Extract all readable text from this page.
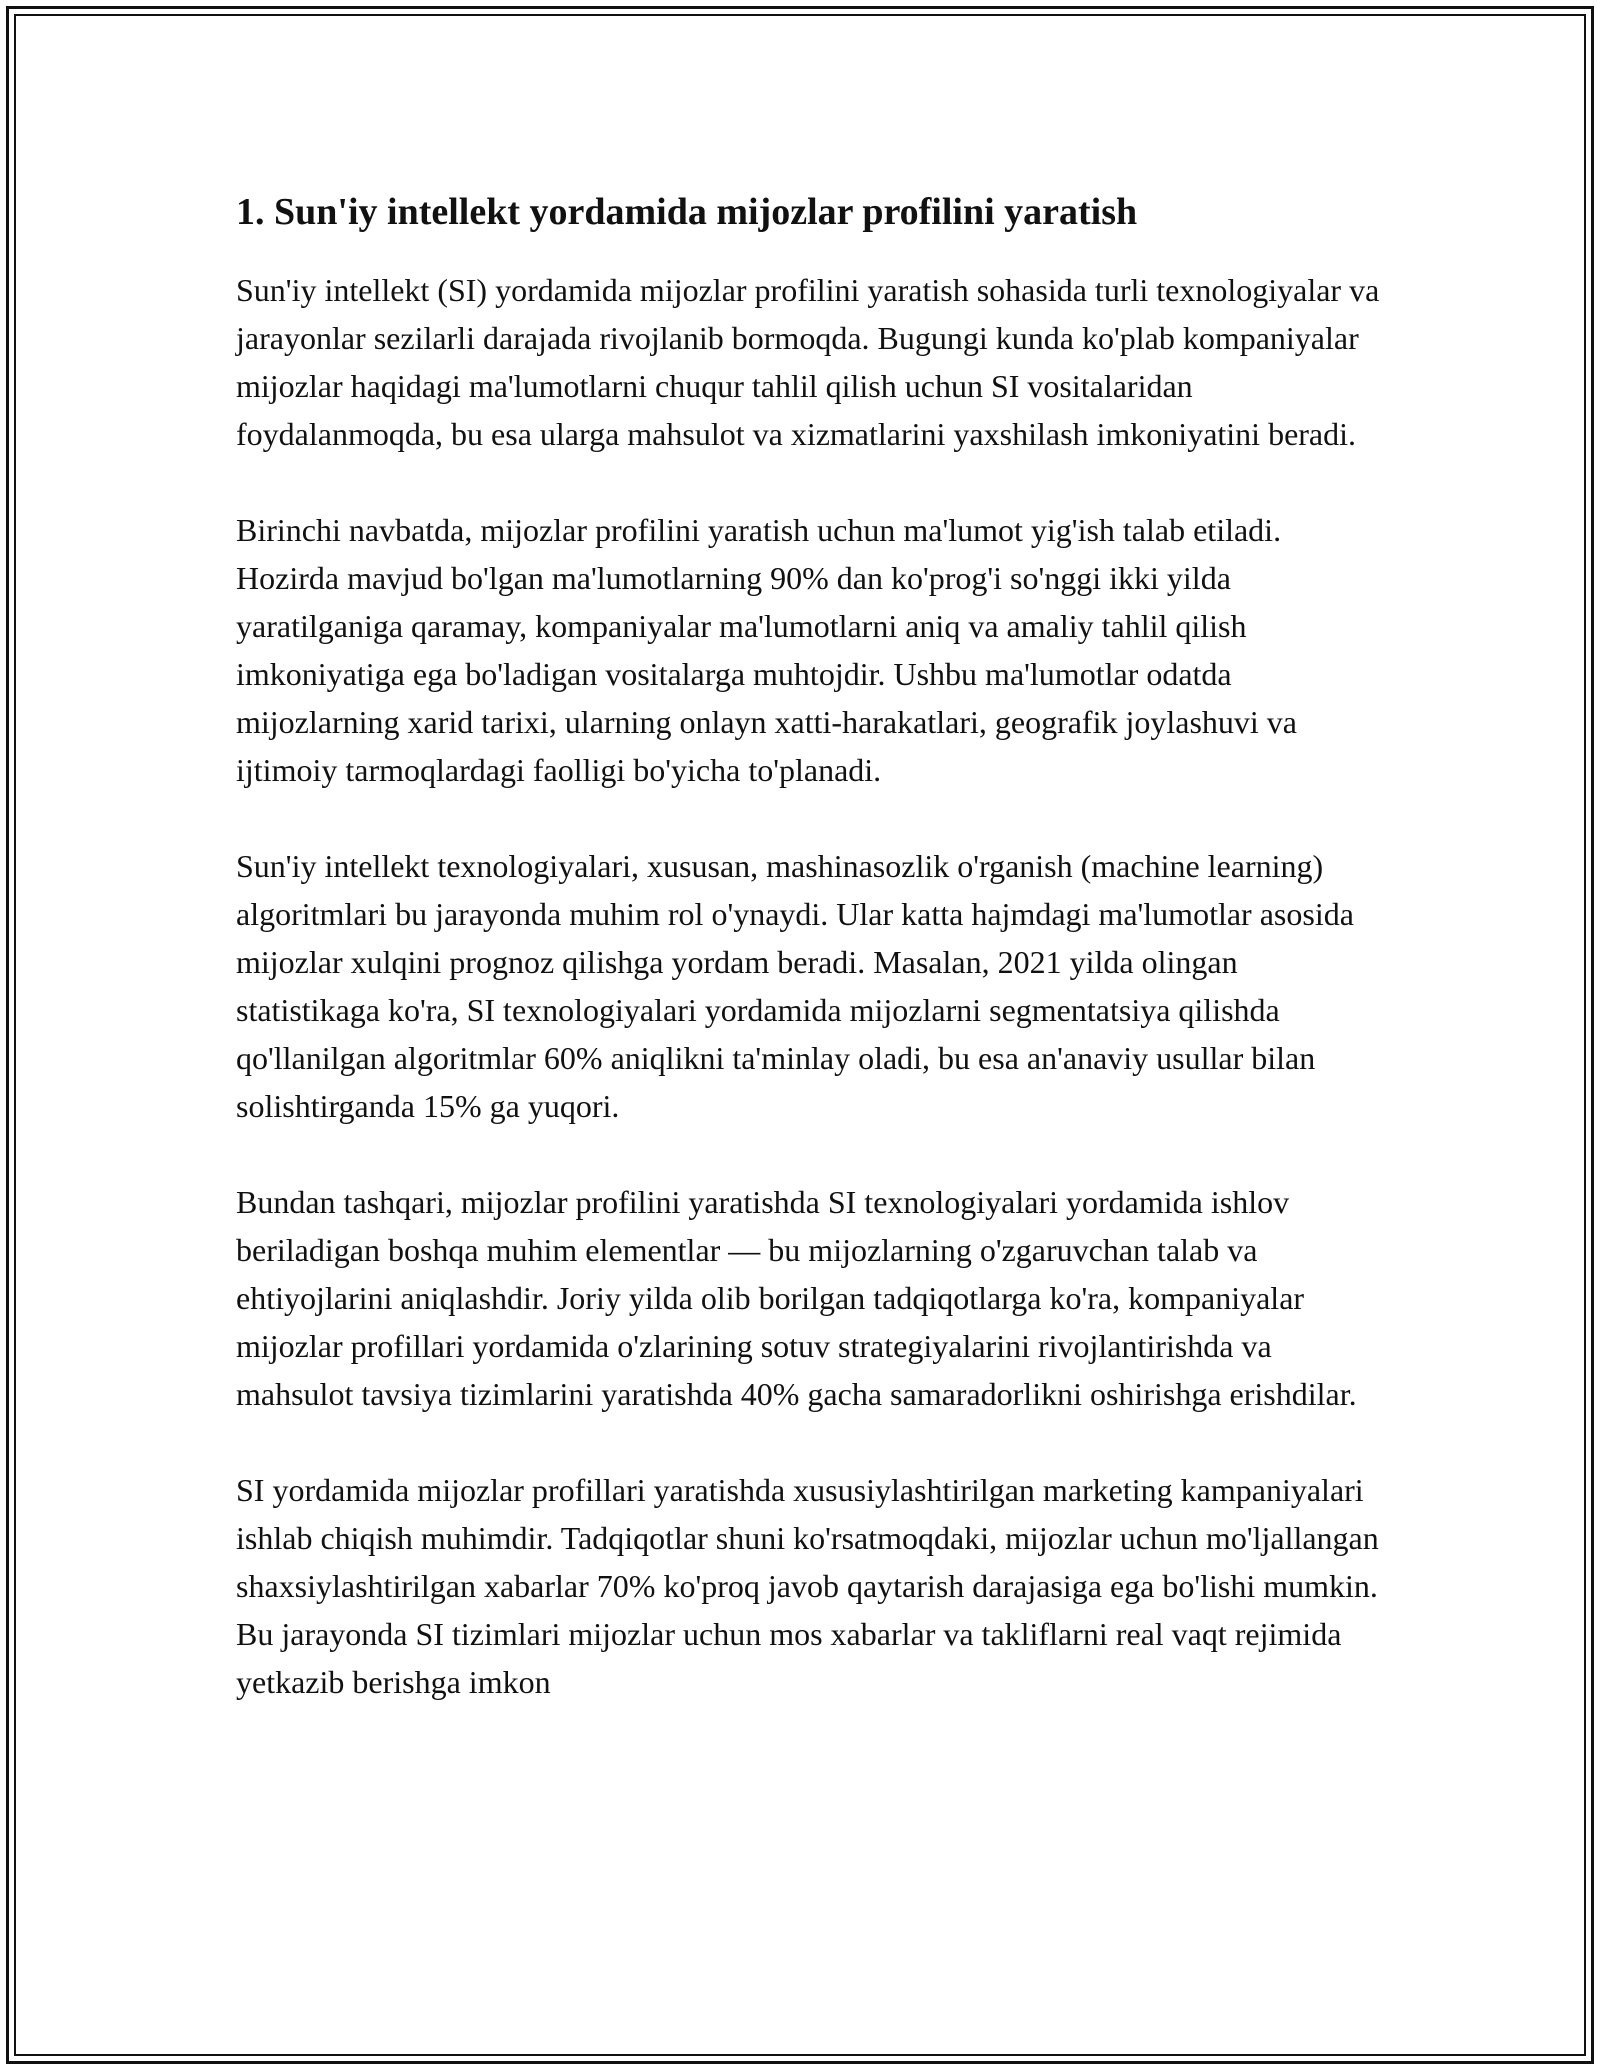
1. Sun'iy intellekt yordamida mijozlar profilini yaratish

Sun'iy intellekt (SI) yordamida mijozlar profilini yaratish sohasida turli texnologiyalar va jarayonlar sezilarli darajada rivojlanib bormoqda. Bugungi kunda ko'plab kompaniyalar mijozlar haqidagi ma'lumotlarni chuqur tahlil qilish uchun SI vositalaridan foydalanmoqda, bu esa ularga mahsulot va xizmatlarini yaxshilash imkoniyatini beradi.

Birinchi navbatda, mijozlar profilini yaratish uchun ma'lumot yig'ish talab etiladi. Hozirda mavjud bo'lgan ma'lumotlarning 90% dan ko'prog'i so'nggi ikki yilda yaratilganiga qaramay, kompaniyalar ma'lumotlarni aniq va amaliy tahlil qilish imkoniyatiga ega bo'ladigan vositalarga muhtojdir. Ushbu ma'lumotlar odatda mijozlarning xarid tarixi, ularning onlayn xatti-harakatlari, geografik joylashuvi va ijtimoiy tarmoqlardagi faolligi bo'yicha to'planadi.

Sun'iy intellekt texnologiyalari, xususan, mashinasozlik o'rganish (machine learning) algoritmlari bu jarayonda muhim rol o'ynaydi. Ular katta hajmdagi ma'lumotlar asosida mijozlar xulqini prognoz qilishga yordam beradi. Masalan, 2021 yilda olingan statistikaga ko'ra, SI texnologiyalari yordamida mijozlarni segmentatsiya qilishda qo'llanilgan algoritmlar 60% aniqlikni ta'minlay oladi, bu esa an'anaviy usullar bilan solishtirganda 15% ga yuqori.

Bundan tashqari, mijozlar profilini yaratishda SI texnologiyalari yordamida ishlov beriladigan boshqa muhim elementlar — bu mijozlarning o'zgaruvchan talab va ehtiyojlarini aniqlashdir. Joriy yilda olib borilgan tadqiqotlarga ko'ra, kompaniyalar mijozlar profillari yordamida o'zlarining sotuv strategiyalarini rivojlantirishda va mahsulot tavsiya tizimlarini yaratishda 40% gacha samaradorlikni oshirishga erishdilar.

SI yordamida mijozlar profillari yaratishda xususiylashtirilgan marketing kampaniyalari ishlab chiqish muhimdir. Tadqiqotlar shuni ko'rsatmoqdaki, mijozlar uchun mo'ljallangan shaxsiylashtirilgan xabarlar 70% ko'proq javob qaytarish darajasiga ega bo'lishi mumkin. Bu jarayonda SI tizimlari mijozlar uchun mos xabarlar va takliflarni real vaqt rejimida yetkazib berishga imkon
